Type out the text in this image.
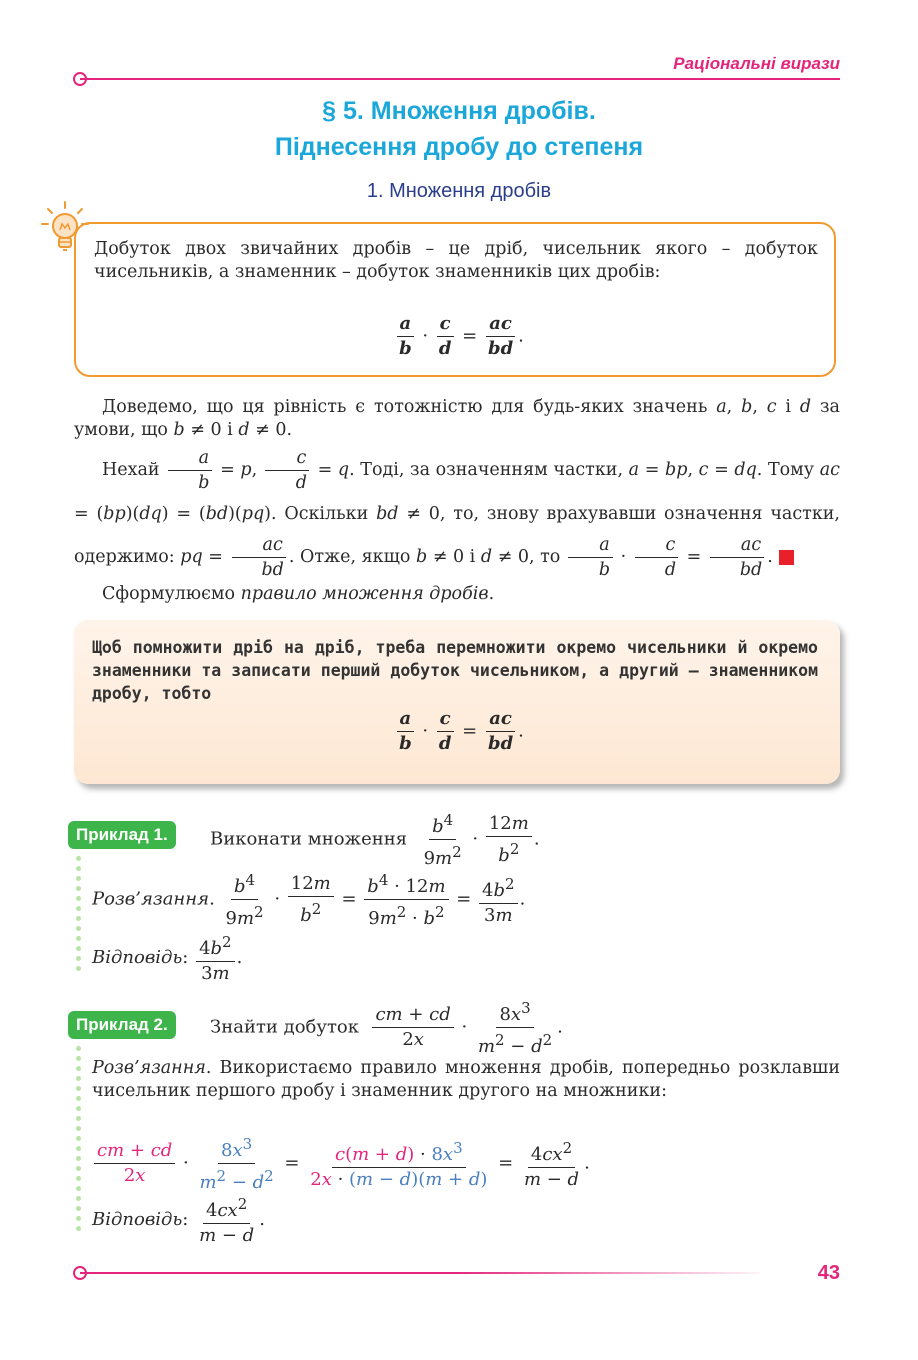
Раціональні вирази
§ 5. Множення дробів.
Піднесення дробу до степеня
1. Множення дробів
Добуток двох звичайних дробів – це дріб, чисельник якого – добуток чисельників, а знаменник – добуток знаменників цих дробів:
$\frac{a}{b} \cdot \frac{c}{d} = \frac{ac}{bd}$ .
Доведемо, що ця рівність є тотожністю для будь-яких значень a, b, c і d за умови, що b ≠ 0 і d ≠ 0.
Нехай $\frac{a}{b} = p$, $\frac{c}{d} = q$. Тоді, за означенням частки, a = bp, c = dq. Тому ac = (bp)(dq) = (bd)(pq). Оскільки bd ≠ 0, то, знову врахувавши означення частки, одержимо: pq = $\frac{ac}{bd}$ . Отже, якщо b ≠ 0 і d ≠ 0, то $\frac{a}{b} \cdot \frac{c}{d} = \frac{ac}{bd}$ .
Сформулюємо правило множення дробів.
Щоб помножити дріб на дріб, треба перемножити окремо чисельники й окремо знаменники та записати перший добуток чисельником, а другий – знаменником дробу, тобто
$\frac{a}{b} \cdot \frac{c}{d} = \frac{ac}{bd}$ .
Приклад 1.	Виконати множення $\frac{b^4}{9m^2} \cdot \frac{12m}{b^2}$ .
Розв’язання. $\frac{b^4}{9m^2} \cdot \frac{12m}{b^2} = \frac{b^4 \cdot 12m}{9m^2 \cdot b^2} = \frac{4b^2}{3m}$ .
Відповідь: $\frac{4b^2}{3m}$ .
Приклад 2.	Знайти добуток $\frac{cm + cd}{2x} \cdot \frac{8x^3}{m^2 - d^2}$ .
Розв’язання. Використаємо правило множення дробів, попередньо розклавши чисельник першого дробу і знаменник другого на множники:
$\frac{cm + cd}{2x} \cdot \frac{8x^3}{m^2 - d^2} = \frac{c(m + d) \cdot 8x^3}{2x \cdot (m - d)(m + d)} = \frac{4cx^2}{m - d}$ .
Відповідь: $\frac{4cx^2}{m - d}$ .
43
